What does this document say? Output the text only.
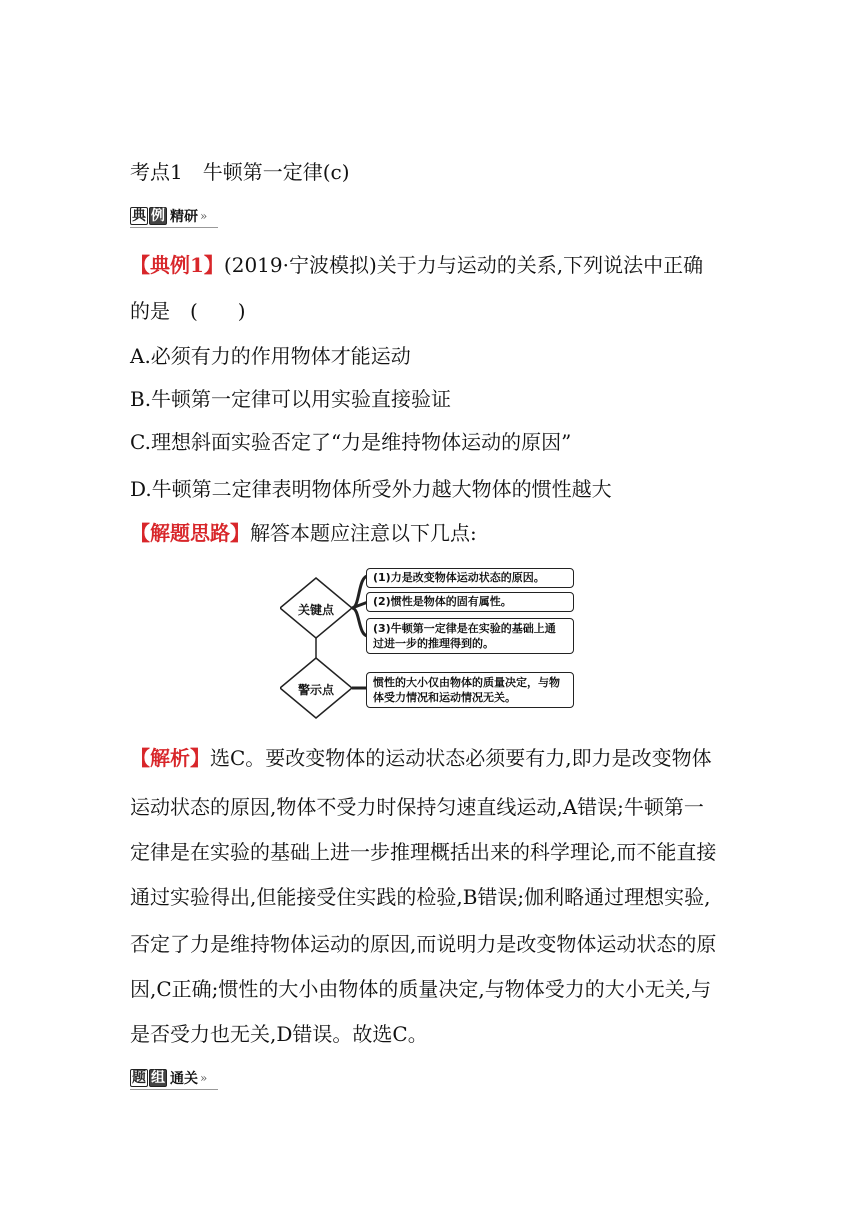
考点1　牛顿第一定律(c)
典 例 精研 »
【典例1】(2019·宁波模拟)关于力与运动的关系,下列说法中正确
的是　(　　)
A.必须有力的作用物体才能运动
B.牛顿第一定律可以用实验直接验证
C.理想斜面实验否定了“力是维持物体运动的原因”
D.牛顿第二定律表明物体所受外力越大物体的惯性越大
【解题思路】解答本题应注意以下几点:
关键点
警示点
(1)力是改变物体运动状态的原因。
(2)惯性是物体的固有属性。
(3)牛顿第一定律是在实验的基础上通
过进一步的推理得到的。
惯性的大小仅由物体的质量决定，与物
体受力情况和运动情况无关。
【解析】选C。要改变物体的运动状态必须要有力,即力是改变物体
运动状态的原因,物体不受力时保持匀速直线运动,A错误;牛顿第一
定律是在实验的基础上进一步推理概括出来的科学理论,而不能直接
通过实验得出,但能接受住实践的检验,B错误;伽利略通过理想实验,
否定了力是维持物体运动的原因,而说明力是改变物体运动状态的原
因,C正确;惯性的大小由物体的质量决定,与物体受力的大小无关,与
是否受力也无关,D错误。故选C。
题 组 通关 »
